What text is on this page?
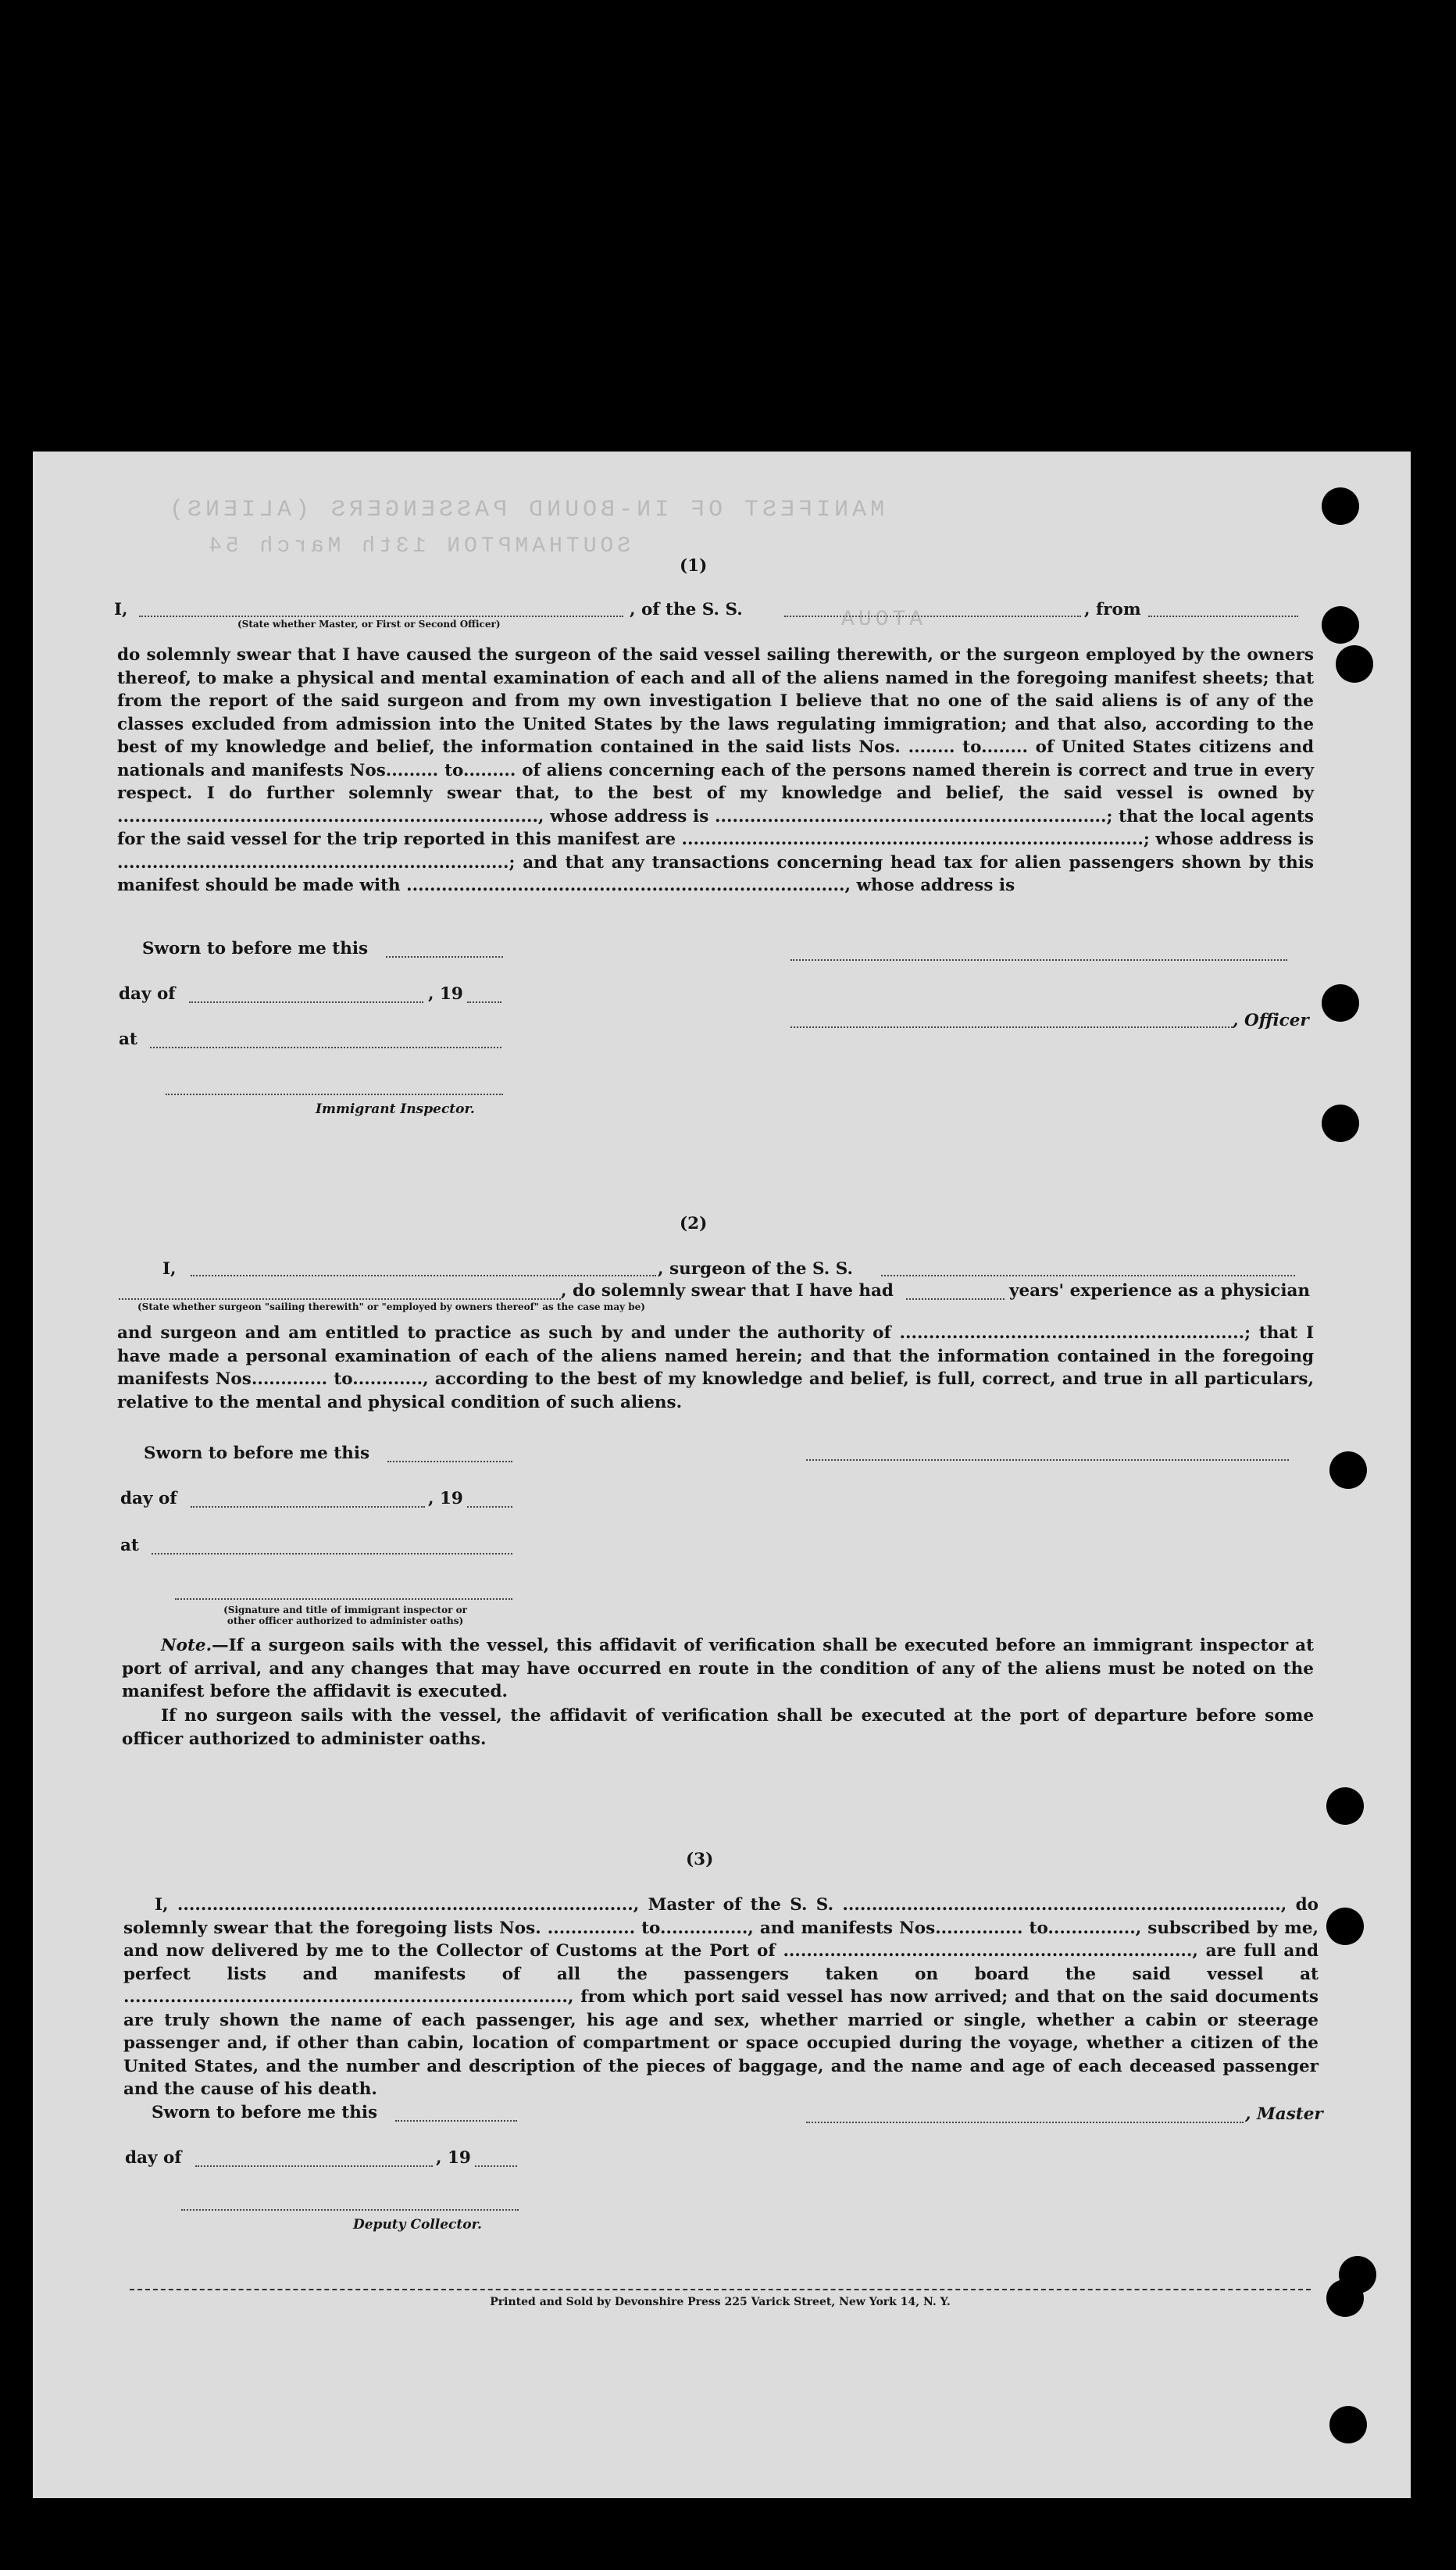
MANIFEST OF IN-BOUND PASSENGERS (ALIENS)
SOUTHAMPTON 13th March 54
ATOUA
(1)
I,	, of the S. S.	, from
(State whether Master, or First or Second Officer)
do solemnly swear that I have caused the surgeon of the said vessel sailing therewith, or the surgeon employed by the owners thereof, to make a physical and mental examination of each and all of the aliens named in the foregoing manifest sheets; that from the report of the said surgeon and from my own investigation I believe that no one of the said aliens is of any of the classes excluded from admission into the United States by the laws regulating immigration; and that also, according to the best of my knowledge and belief, the information contained in the said lists Nos. ........ to........ of United States citizens and nationals and manifests Nos......... to......... of aliens concerning each of the persons named therein is correct and true in every respect. I do further solemnly swear that, to the best of my knowledge and belief, the said vessel is owned by ........................................................................, whose address is ...................................................................; that the local agents for the said vessel for the trip reported in this manifest are ...............................................................................; whose address is ...................................................................; and that any transactions concerning head tax for alien passengers shown by this manifest should be made with ..........................................................................., whose address is
Sworn to before me this
day of	, 19
at
Immigrant Inspector.
, Officer
(2)
I,	, surgeon of the S. S.
, do solemnly swear that I have had	years' experience as a physician
(State whether surgeon "sailing therewith" or "employed by owners thereof" as the case may be)
and surgeon and am entitled to practice as such by and under the authority of ...........................................................; that I have made a personal examination of each of the aliens named herein; and that the information contained in the foregoing manifests Nos............. to............, according to the best of my knowledge and belief, is full, correct, and true in all particulars, relative to the mental and physical condition of such aliens.
Sworn to before me this
day of	, 19
at
(Signature and title of immigrant inspector or
other officer authorized to administer oaths)
Note.—If a surgeon sails with the vessel, this affidavit of verification shall be executed before an immigrant inspector at port of arrival, and any changes that may have occurred en route in the condition of any of the aliens must be noted on the manifest before the affidavit is executed.
If no surgeon sails with the vessel, the affidavit of verification shall be executed at the port of departure before some officer authorized to administer oaths.
(3)
I, .............................................................................., Master of the S. S. ..........................................................................., do solemnly swear that the foregoing lists Nos. ............... to..............., and manifests Nos............... to..............., subscribed by me, and now delivered by me to the Collector of Customs at the Port of ......................................................................, are full and perfect lists and manifests of all the passengers taken on board the said vessel at ............................................................................, from which port said vessel has now arrived; and that on the said documents are truly shown the name of each passenger, his age and sex, whether married or single, whether a cabin or steerage passenger and, if other than cabin, location of compartment or space occupied during the voyage, whether a citizen of the United States, and the number and description of the pieces of baggage, and the name and age of each deceased passenger and the cause of his death.
Sworn to before me this
day of	, 19
Deputy Collector.
, Master
Printed and Sold by Devonshire Press 225 Varick Street, New York 14, N. Y.
